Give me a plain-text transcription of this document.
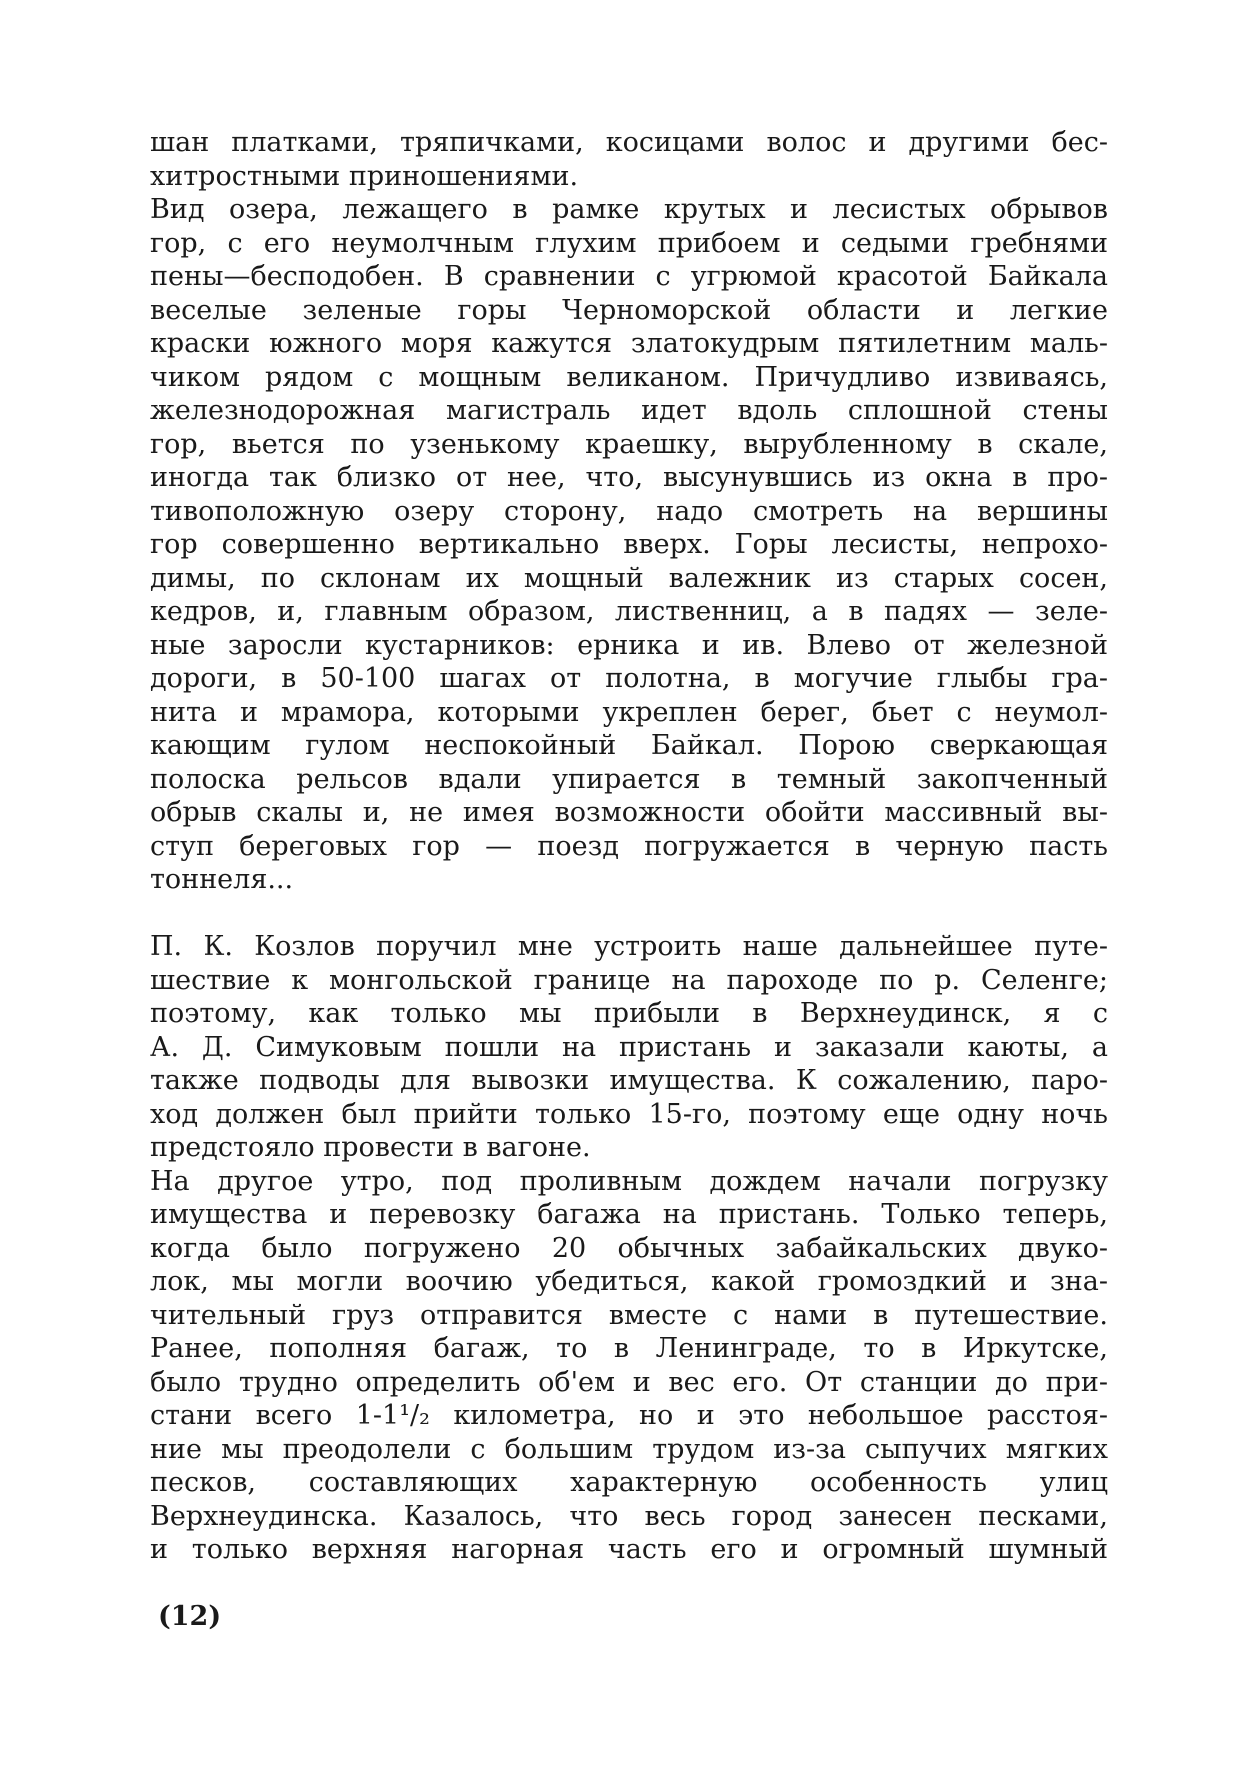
шан платками, тряпичками, косицами волос и другими бес-
хитростными приношениями.
Вид озера, лежащего в рамке крутых и лесистых обрывов
гор, с его неумолчным глухим прибоем и седыми гребнями
пены—бесподобен. В сравнении с угрюмой красотой Байкала
веселые зеленые горы Черноморской области и легкие
краски южного моря кажутся златокудрым пятилетним маль-
чиком рядом с мощным великаном. Причудливо извиваясь,
железнодорожная магистраль идет вдоль сплошной стены
гор, вьется по узенькому краешку, вырубленному в скале,
иногда так близко от нее, что, высунувшись из окна в про-
тивоположную озеру сторону, надо смотреть на вершины
гор совершенно вертикально вверх. Горы лесисты, непрохо-
димы, по склонам их мощный валежник из старых сосен,
кедров, и, главным образом, лиственниц, а в падях — зеле-
ные заросли кустарников: ерника и ив. Влево от железной
дороги, в 50-100 шагах от полотна, в могучие глыбы гра-
нита и мрамора, которыми укреплен берег, бьет с неумол-
кающим гулом неспокойный Байкал. Порою сверкающая
полоска рельсов вдали упирается в темный закопченный
обрыв скалы и, не имея возможности обойти массивный вы-
ступ береговых гор — поезд погружается в черную пасть
тоннеля...
П. К. Козлов поручил мне устроить наше дальнейшее путе-
шествие к монгольской границе на пароходе по р. Селенге;
поэтому, как только мы прибыли в Верхнеудинск, я с
А. Д. Симуковым пошли на пристань и заказали каюты, а
также подводы для вывозки имущества. К сожалению, паро-
ход должен был прийти только 15-го, поэтому еще одну ночь
предстояло провести в вагоне.
На другое утро, под проливным дождем начали погрузку
имущества и перевозку багажа на пристань. Только теперь,
когда было погружено 20 обычных забайкальских двуко-
лок, мы могли воочию убедиться, какой громоздкий и зна-
чительный груз отправится вместе с нами в путешествие.
Ранее, пополняя багаж, то в Ленинграде, то в Иркутске,
было трудно определить об'ем и вес его. От станции до при-
стани всего 1-1¹/₂ километра, но и это небольшое расстоя-
ние мы преодолели с большим трудом из-за сыпучих мягких
песков, составляющих характерную особенность улиц
Верхнеудинска. Казалось, что весь город занесен песками,
и только верхняя нагорная часть его и огромный шумный
(12)
